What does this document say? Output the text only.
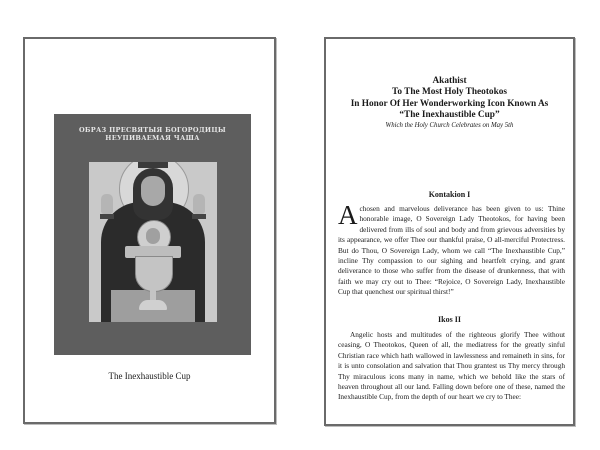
ОБРАЗ ПРЕСВЯТЫЯ БОГОРОДИЦЫ НЕУПИВАЕМАЯ ЧАША
The Inexhaustible Cup
Akathist
To The Most Holy Theotokos
In Honor Of Her Wonderworking Icon Known As
“The Inexhaustible Cup”
Which the Holy Church Celebrates on May 5th
Kontakion I
Achosen and marvelous deliverance has been given to us: Thine honorable image, O Sovereign Lady Theotokos, for having been delivered from ills of soul and body and from grievous adversities by its appearance, we offer Thee our thankful praise, O all-merciful Protectress. But do Thou, O Sovereign Lady, whom we call “The Inexhaustible Cup,” incline Thy compassion to our sighing and heartfelt crying, and grant deliverance to those who suffer from the disease of drunkenness, that with faith we may cry out to Thee: “Rejoice, O Sovereign Lady, Inexhaustible Cup that quenchest our spiritual thirst!”
Ikos II
Angelic hosts and multitudes of the righteous glorify Thee without ceasing, O Theotokos, Queen of all, the mediatress for the greatly sinful Christian race which hath wallowed in lawlessness and remaineth in sins, for it is unto consolation and salvation that Thou grantest us Thy mercy through Thy miraculous icons many in name, which we behold like the stars of heaven throughout all our land. Falling down before one of these, named the Inexhaustible Cup, from the depth of our heart we cry to Thee:
